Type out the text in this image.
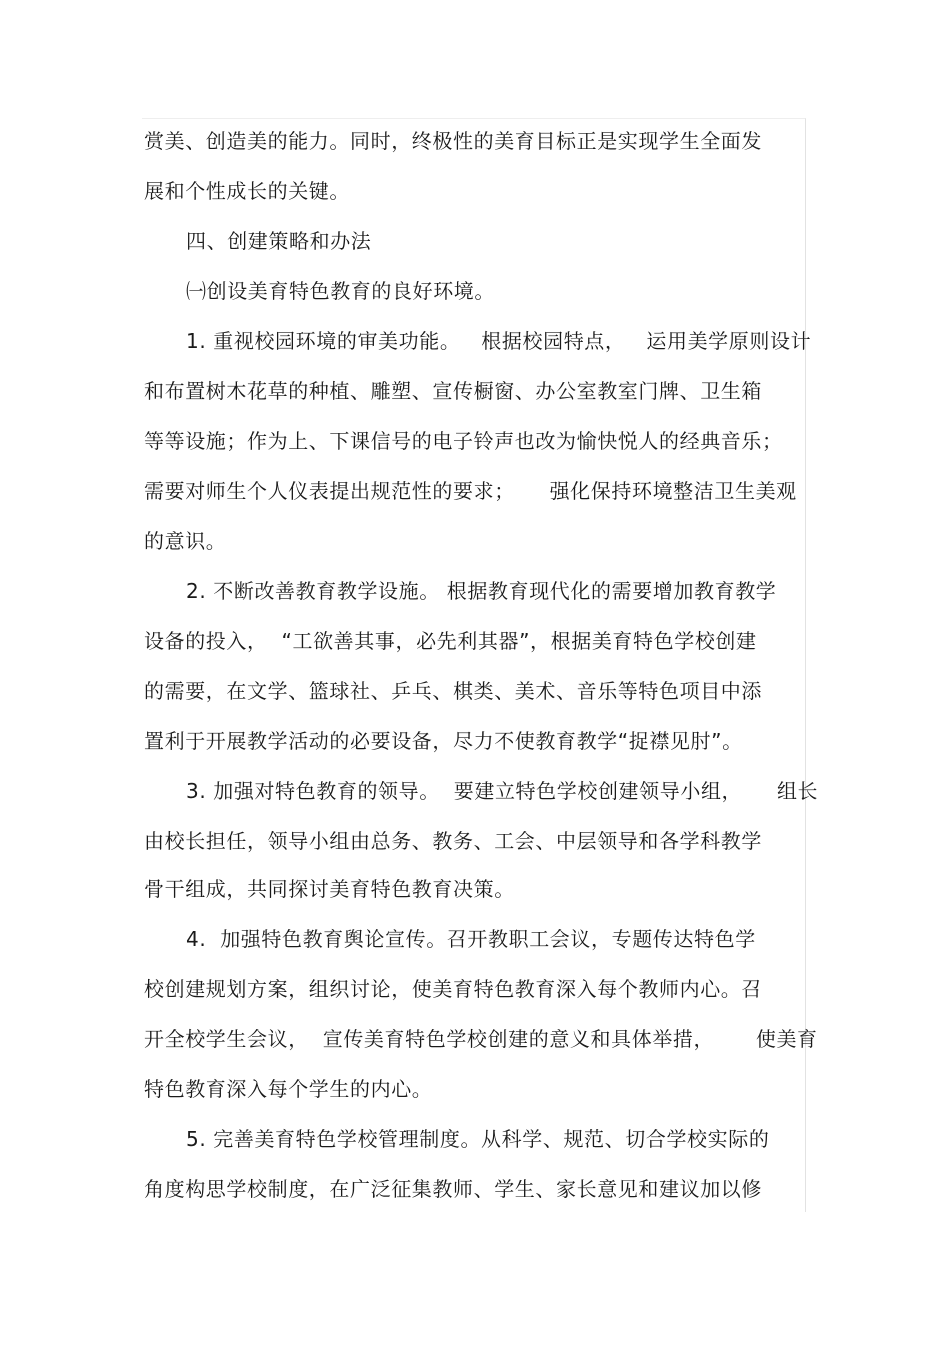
赏美、创造美的能力。同时，终极性的美育目标正是实现学生全面发

展和个性成长的关键。

四、创建策略和办法

㈠创设美育特色教育的良好环境。

1. 重视校园环境的审美功能。   根据校园特点，   运用美学原则设计

和布置树木花草的种植、雕塑、宣传橱窗、办公室教室门牌、卫生箱

等等设施；作为上、下课信号的电子铃声也改为愉快悦人的经典音乐；

需要对师生个人仪表提出规范性的要求；     强化保持环境整洁卫生美观

的意识。

2. 不断改善教育教学设施。 根据教育现代化的需要增加教育教学

设备的投入，  “工欲善其事，必先利其器”，根据美育特色学校创建

的需要，在文学、篮球社、乒乓、棋类、美术、音乐等特色项目中添

置利于开展教学活动的必要设备，尽力不使教育教学“捉襟见肘”。

3. 加强对特色教育的领导。  要建立特色学校创建领导小组，     组长

由校长担任，领导小组由总务、教务、工会、中层领导和各学科教学

骨干组成，共同探讨美育特色教育决策。

4.  加强特色教育舆论宣传。召开教职工会议，专题传达特色学

校创建规划方案，组织讨论，使美育特色教育深入每个教师内心。召

开全校学生会议，  宣传美育特色学校创建的意义和具体举措，      使美育

特色教育深入每个学生的内心。

5. 完善美育特色学校管理制度。从科学、规范、切合学校实际的

角度构思学校制度，在广泛征集教师、学生、家长意见和建议加以修
